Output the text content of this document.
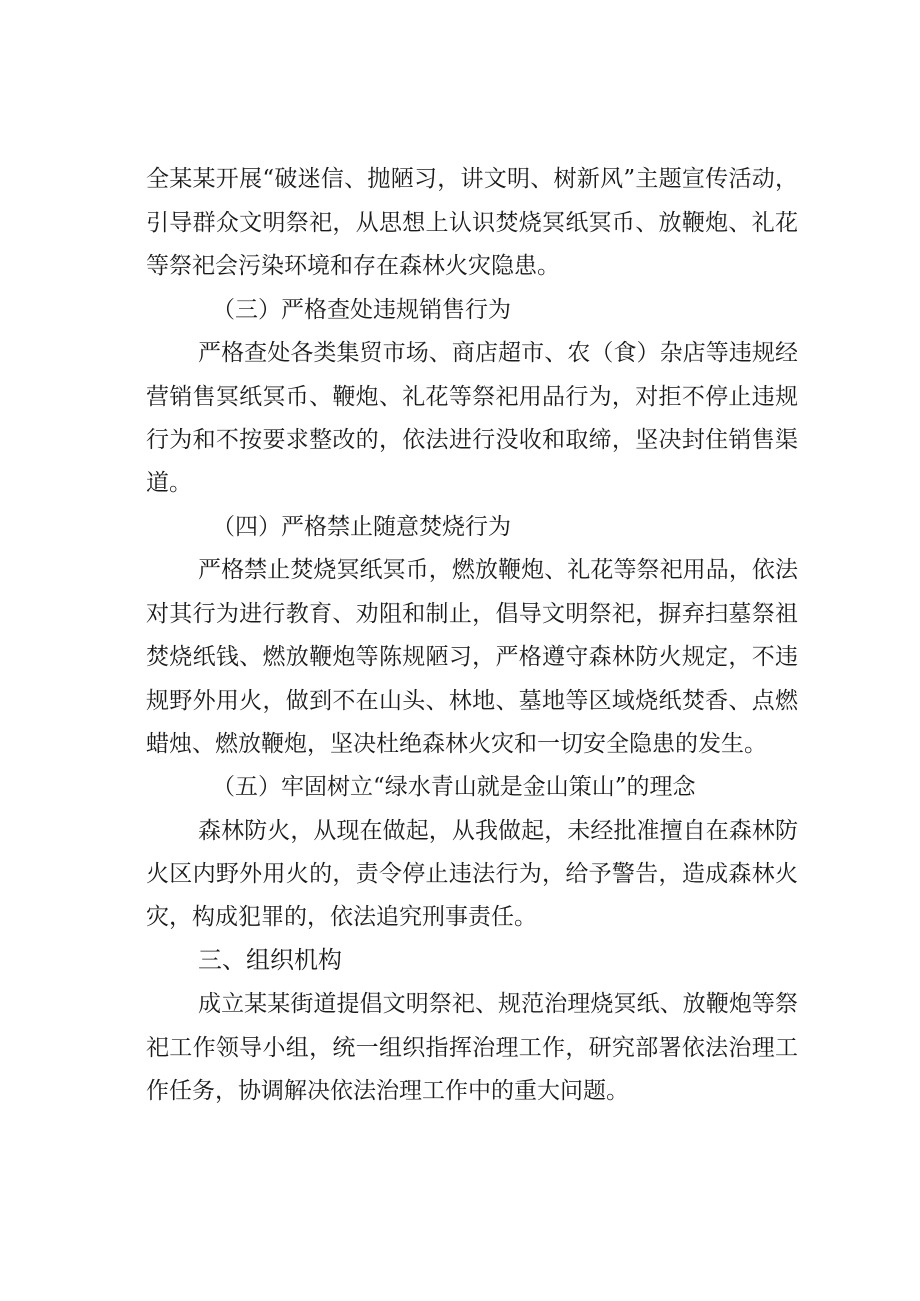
全某某开展“破迷信、抛陋习，讲文明、树新风”主题宣传活动，
引导群众文明祭祀，从思想上认识焚烧冥纸冥币、放鞭炮、礼花
等祭祀会污染环境和存在森林火灾隐患。
（三）严格查处违规销售行为
严格查处各类集贸市场、商店超市、农（食）杂店等违规经
营销售冥纸冥币、鞭炮、礼花等祭祀用品行为，对拒不停止违规
行为和不按要求整改的，依法进行没收和取缔，坚决封住销售渠
道。
（四）严格禁止随意焚烧行为
严格禁止焚烧冥纸冥币，燃放鞭炮、礼花等祭祀用品，依法
对其行为进行教育、劝阻和制止，倡导文明祭祀，摒弃扫墓祭祖
焚烧纸钱、燃放鞭炮等陈规陋习，严格遵守森林防火规定，不违
规野外用火，做到不在山头、林地、墓地等区域烧纸焚香、点燃
蜡烛、燃放鞭炮，坚决杜绝森林火灾和一切安全隐患的发生。
（五）牢固树立“绿水青山就是金山策山”的理念
森林防火，从现在做起，从我做起，未经批准擅自在森林防
火区内野外用火的，责令停止违法行为，给予警告，造成森林火
灾，构成犯罪的，依法追究刑事责任。
三、组织机构
成立某某街道提倡文明祭祀、规范治理烧冥纸、放鞭炮等祭
祀工作领导小组，统一组织指挥治理工作，研究部署依法治理工
作任务，协调解决依法治理工作中的重大问题。
